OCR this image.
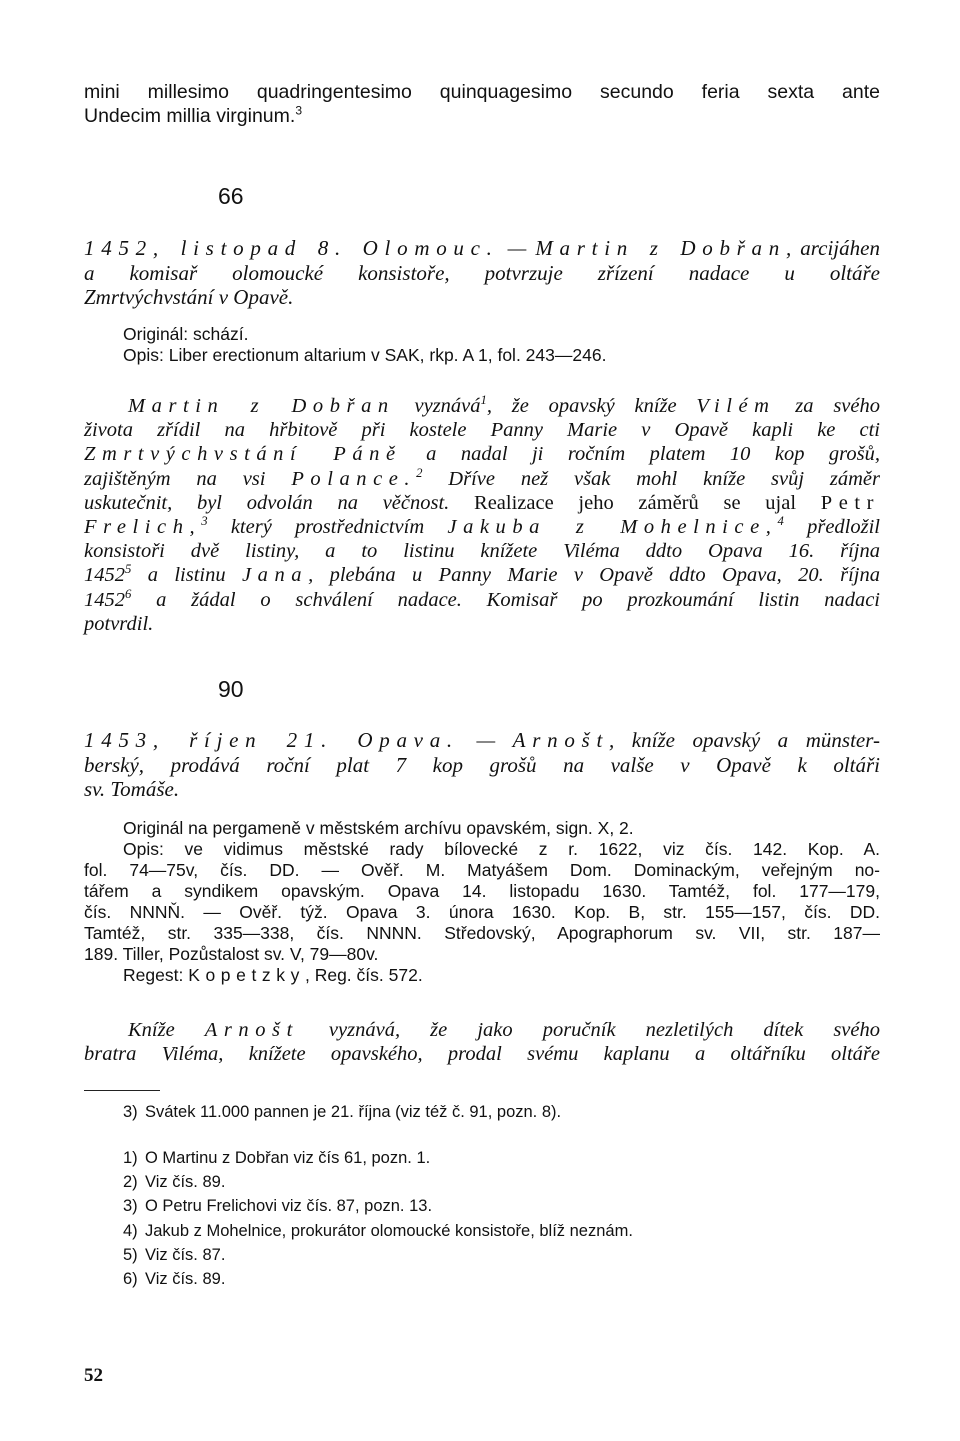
mini millesimo quadringentesimo quinquagesimo secundo feria sexta ante
Undecim millia virginum.$^3$
66
1452, listopad 8. Olomouc. — Martin z Dobřan, arcijáhen
a komisař olomoucké konsistoře, potvrzuje zřízení nadace u oltáře
Zmrtvýchvstání v Opavě.
Originál: schází.
Opis: Liber erectionum altarium v SAK, rkp. A 1, fol. 243—246.
Martin z Dobřan vyznává$^1$, že opavský kníže Vilém za svého
života zřídil na hřbitově při kostele Panny Marie v Opavě kapli ke cti
Zmrtvýchvstání Páně a nadal ji ročním platem 10 kop grošů,
zajištěným na vsi Polance.$^2$ Dříve než však mohl kníže svůj záměr
uskutečnit, byl odvolán na věčnost. Realizace jeho záměrů se ujal Petr
Frelich,$^3$ který prostřednictvím Jakuba z Mohelnice,$^4$ předložil
konsistoři dvě listiny, a to listinu knížete Viléma ddto Opava 16. října
1452$^5$ a listinu Jana, plebána u Panny Marie v Opavě ddto Opava, 20. října
1452$^6$ a žádal o schválení nadace. Komisař po prozkoumání listin nadaci
potvrdil.
90
1453, říjen 21. Opava. — Arnošt, kníže opavský a münster-
berský, prodává roční plat 7 kop grošů na valše v Opavě k oltáři
sv. Tomáše.
Originál na pergameně v městském archívu opavském, sign. X, 2.
Opis: ve vidimus městské rady bílovecké z r. 1622, viz čís. 142. Kop. A.
fol. 74—75v, čís. DD. — Ověř. M. Matyášem Dom. Dominackým, veřejným no-
tářem a syndikem opavským. Opava 14. listopadu 1630. Tamtéž, fol. 177—179,
čís. NNNŇ. — Ověř. týž. Opava 3. února 1630. Kop. B, str. 155—157, čís. DD.
Tamtéž, str. 335—338, čís. NNNN. Středovský, Apographorum sv. VII, str. 187—
189. Tiller, Pozůstalost sv. V, 79—80v.
Regest: Kopetzky, Reg. čís. 572.
Kníže Arnošt vyznává, že jako poručník nezletilých dítek svého
bratra Viléma, knížete opavského, prodal svému kaplanu a oltářníku oltáře
3) Svátek 11.000 pannen je 21. října (viz též č. 91, pozn. 8).
1) O Martinu z Dobřan viz čís 61, pozn. 1.
2) Viz čís. 89.
3) O Petru Frelichovi viz čís. 87, pozn. 13.
4) Jakub z Mohelnice, prokurátor olomoucké konsistoře, blíž neznám.
5) Viz čís. 87.
6) Viz čís. 89.
52
